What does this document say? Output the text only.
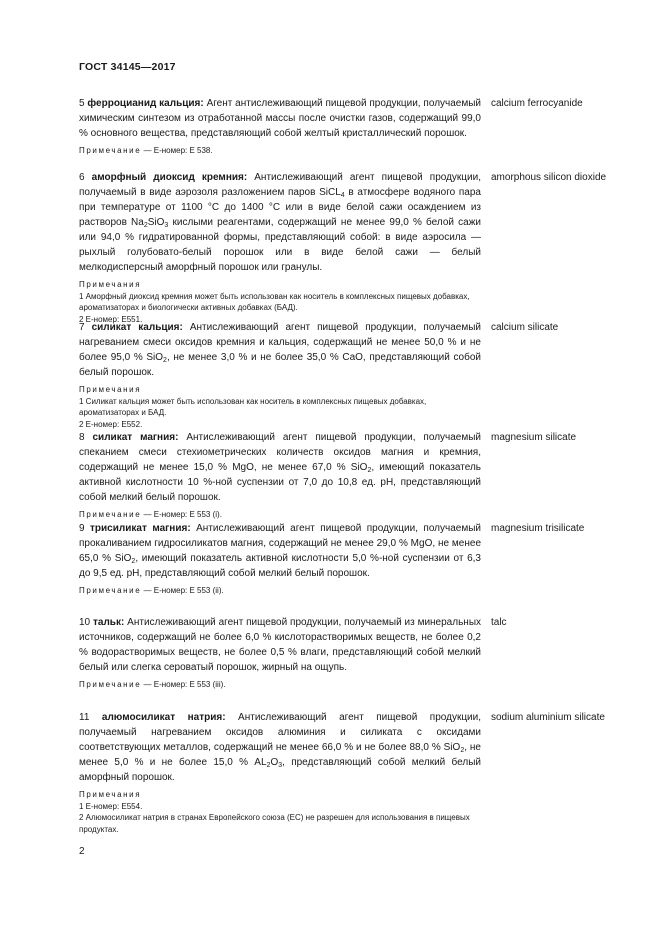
ГОСТ 34145—2017
5 ферроцианид кальция: Агент антислеживающий пищевой продукции, получаемый химическим синтезом из отработанной массы после очистки газов, содержащий 99,0 % основного вещества, представляющий собой желтый кристаллический порошок.
Примечание — Е-номер: Е 538.
calcium ferrocyanide
6 аморфный диоксид кремния: Антислеживающий агент пищевой продукции, получаемый в виде аэрозоля разложением паров SiCL$_4$ в атмосфере водяного пара при температуре от 1100 °С до 1400 °С или в виде белой сажи осаждением из растворов $Na_2SiO_3$ кислыми реагентами, содержащий не менее 99,0 % белой сажи или 94,0 % гидратированной формы, представляющий собой: в виде аэросила — рыхлый голубовато-белый порошок или в виде белой сажи — белый мелкодисперсный аморфный порошок или гранулы.
Примечания
1 Аморфный диоксид кремния может быть использован как носитель в комплексных пищевых добавках, ароматизаторах и биологически активных добавках (БАД).
2 Е-номер: Е551.
amorphous silicon dioxide
7 силикат кальция: Антислеживающий агент пищевой продукции, получаемый нагреванием смеси оксидов кремния и кальция, содержащий не менее 50,0 % и не более 95,0 % SiO$_2$, не менее 3,0 % и не более 35,0 % CaO, представляющий собой белый порошок.
Примечания
1 Силикат кальция может быть использован как носитель в комплексных пищевых добавках, ароматизаторах и БАД.
2 Е-номер: Е552.
calcium silicate
8 силикат магния: Антислеживающий агент пищевой продукции, получаемый спеканием смеси стехиометрических количеств оксидов магния и кремния, содержащий не менее 15,0 % MgO, не менее 67,0 % SiO$_2$, имеющий показатель активной кислотности 10 %-ной суспензии от 7,0 до 10,8 ед. pH, представляющий собой мелкий белый порошок.
Примечание — Е-номер: Е 553 (i).
magnesium silicate
9 трисиликат магния: Антислеживающий агент пищевой продукции, получаемый прокаливанием гидросиликатов магния, содержащий не менее 29,0 % MgO, не менее 65,0 % SiO$_2$, имеющий показатель активной кислотности 5,0 %-ной суспензии от 6,3 до 9,5 ед. pH, представляющий собой мелкий белый порошок.
Примечание — Е-номер: Е 553 (ii).
magnesium trisilicate
10 тальк: Антислеживающий агент пищевой продукции, получаемый из минеральных источников, содержащий не более 6,0 % кислоторастворимых веществ, не более 0,2 % водорастворимых веществ, не более 0,5 % влаги, представляющий собой мелкий белый или слегка сероватый порошок, жирный на ощупь.
Примечание — Е-номер: Е 553 (iii).
talc
11 алюмосиликат натрия: Антислеживающий агент пищевой продукции, получаемый нагреванием оксидов алюминия и силиката с оксидами соответствующих металлов, содержащий не менее 66,0 % и не более 88,0 % SiO$_2$, не менее 5,0 % и не более 15,0 % $AL_2O_3$, представляющий собой мелкий белый аморфный порошок.
Примечания
1 Е-номер: Е554.
2 Алюмосиликат натрия в странах Европейского союза (ЕС) не разрешен для использования в пищевых продуктах.
sodium aluminium silicate
2
